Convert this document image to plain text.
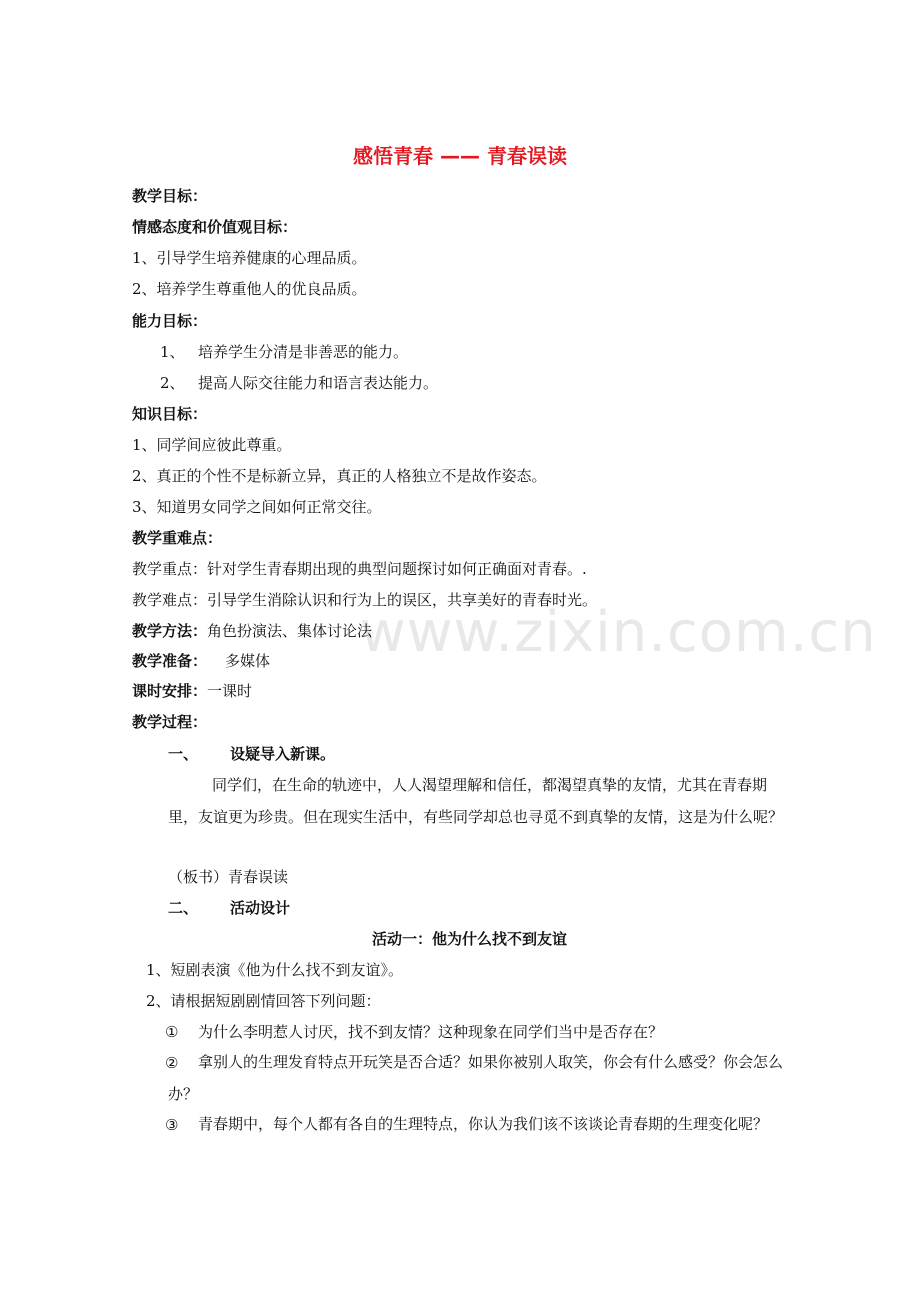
www.zixin.com.cn
感悟青春 —— 青春误读
教学目标：
情感态度和价值观目标：
1、引导学生培养健康的心理品质。
2、培养学生尊重他人的优良品质。
能力目标：
1、 培养学生分清是非善恶的能力。
2、 提高人际交往能力和语言表达能力。
知识目标：
1、同学间应彼此尊重。
2、真正的个性不是标新立异，真正的人格独立不是故作姿态。
3、知道男女同学之间如何正常交往。
教学重难点：
教学重点：针对学生青春期出现的典型问题探讨如何正确面对青春。.
教学难点：引导学生消除认识和行为上的误区，共享美好的青春时光。
教学方法：角色扮演法、集体讨论法
教学准备： 多媒体
课时安排：一课时
教学过程：
一、 设疑导入新课。
同学们，在生命的轨迹中，人人渴望理解和信任，都渴望真挚的友情，尤其在青春期里，友谊更为珍贵。但在现实生活中，有些同学却总也寻觅不到真挚的友情，这是为什么呢？
（板书）青春误读
二、 活动设计
活动一：他为什么找不到友谊
1、短剧表演《他为什么找不到友谊》。
2、请根据短剧剧情回答下列问题：
① 为什么李明惹人讨厌，找不到友情？这种现象在同学们当中是否存在？
②	拿别人的生理发育特点开玩笑是否合适？如果你被别人取笑，你会有什么感受？你会怎么办？
③	青春期中，每个人都有各自的生理特点，你认为我们该不该谈论青春期的生理变化呢？
